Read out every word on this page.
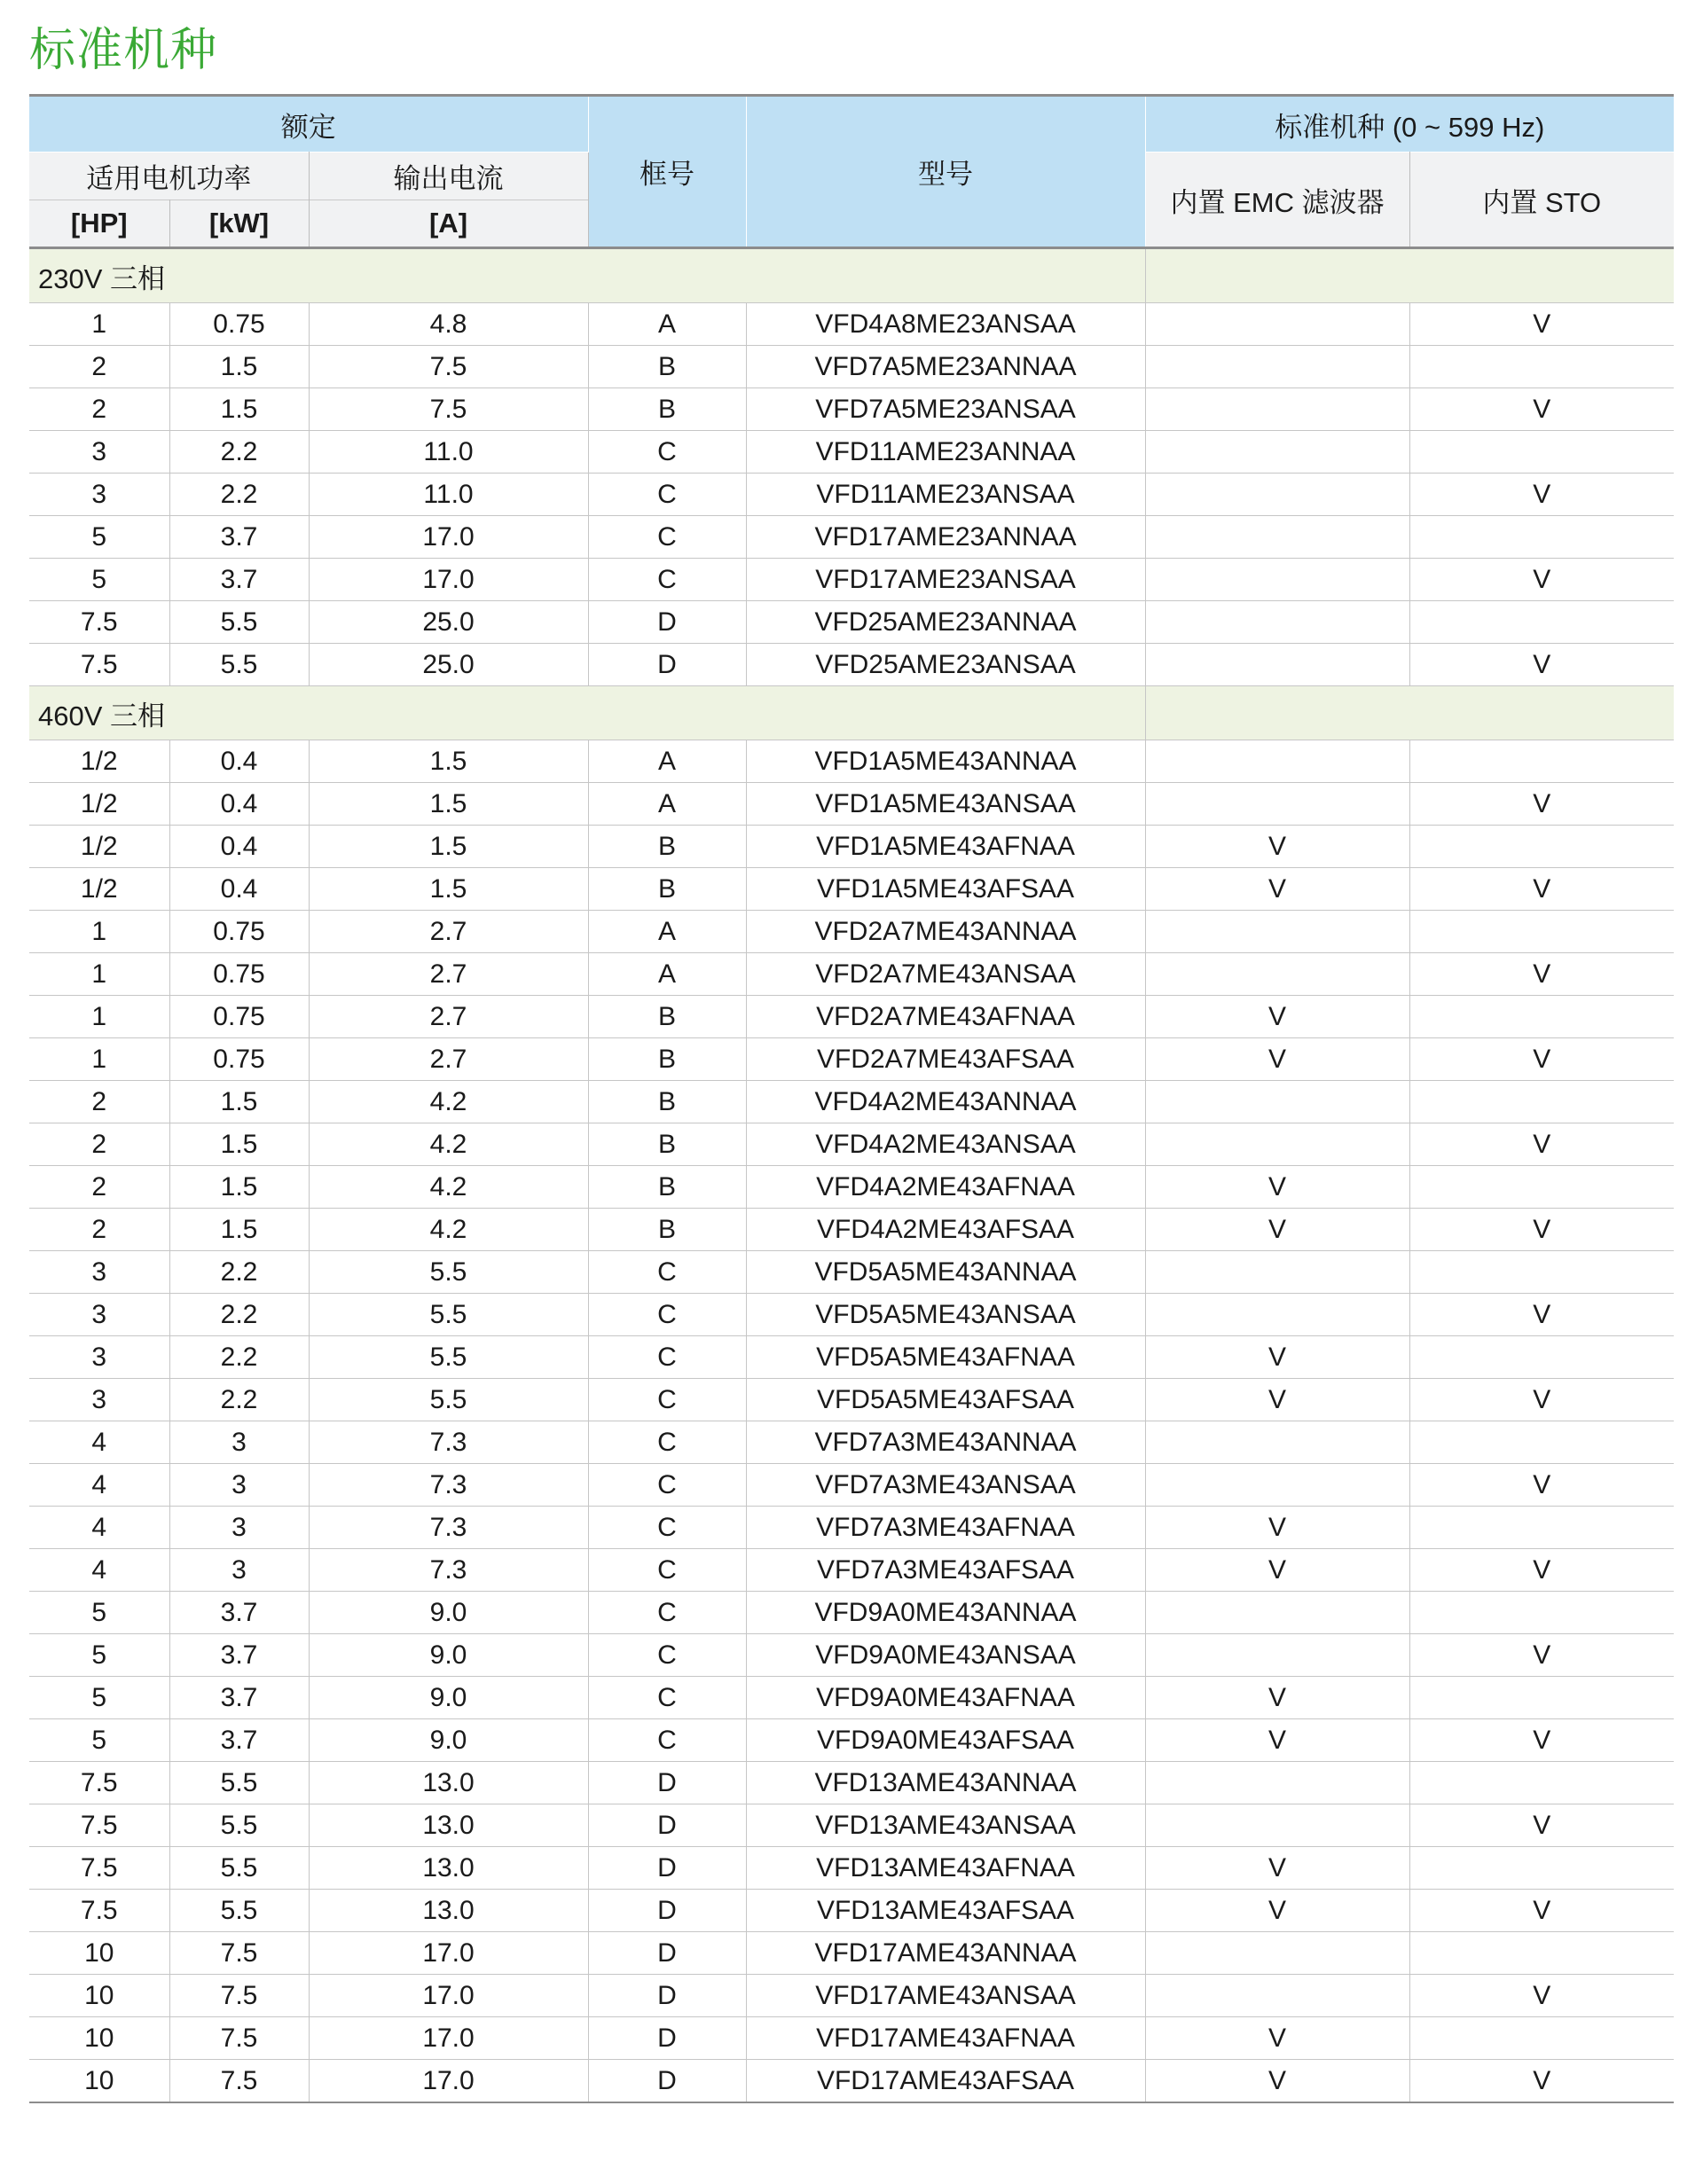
标准机种
额定			框号	型号	标准机种 (0 ~ 599 Hz)	
适用电机功率		输出电流			内置 EMC 滤波器	内置 STO
[HP]	[kW]	[A]				
230V 三相						
1	0.75	4.8	A	VFD4A8ME23ANSAA		V
2	1.5	7.5	B	VFD7A5ME23ANNAA		
2	1.5	7.5	B	VFD7A5ME23ANSAA		V
3	2.2	11.0	C	VFD11AME23ANNAA		
3	2.2	11.0	C	VFD11AME23ANSAA		V
5	3.7	17.0	C	VFD17AME23ANNAA		
5	3.7	17.0	C	VFD17AME23ANSAA		V
7.5	5.5	25.0	D	VFD25AME23ANNAA		
7.5	5.5	25.0	D	VFD25AME23ANSAA		V
460V 三相						
1/2	0.4	1.5	A	VFD1A5ME43ANNAA		
1/2	0.4	1.5	A	VFD1A5ME43ANSAA		V
1/2	0.4	1.5	B	VFD1A5ME43AFNAA	V	
1/2	0.4	1.5	B	VFD1A5ME43AFSAA	V	V
1	0.75	2.7	A	VFD2A7ME43ANNAA		
1	0.75	2.7	A	VFD2A7ME43ANSAA		V
1	0.75	2.7	B	VFD2A7ME43AFNAA	V	
1	0.75	2.7	B	VFD2A7ME43AFSAA	V	V
2	1.5	4.2	B	VFD4A2ME43ANNAA		
2	1.5	4.2	B	VFD4A2ME43ANSAA		V
2	1.5	4.2	B	VFD4A2ME43AFNAA	V	
2	1.5	4.2	B	VFD4A2ME43AFSAA	V	V
3	2.2	5.5	C	VFD5A5ME43ANNAA		
3	2.2	5.5	C	VFD5A5ME43ANSAA		V
3	2.2	5.5	C	VFD5A5ME43AFNAA	V	
3	2.2	5.5	C	VFD5A5ME43AFSAA	V	V
4	3	7.3	C	VFD7A3ME43ANNAA		
4	3	7.3	C	VFD7A3ME43ANSAA		V
4	3	7.3	C	VFD7A3ME43AFNAA	V	
4	3	7.3	C	VFD7A3ME43AFSAA	V	V
5	3.7	9.0	C	VFD9A0ME43ANNAA		
5	3.7	9.0	C	VFD9A0ME43ANSAA		V
5	3.7	9.0	C	VFD9A0ME43AFNAA	V	
5	3.7	9.0	C	VFD9A0ME43AFSAA	V	V
7.5	5.5	13.0	D	VFD13AME43ANNAA		
7.5	5.5	13.0	D	VFD13AME43ANSAA		V
7.5	5.5	13.0	D	VFD13AME43AFNAA	V	
7.5	5.5	13.0	D	VFD13AME43AFSAA	V	V
10	7.5	17.0	D	VFD17AME43ANNAA		
10	7.5	17.0	D	VFD17AME43ANSAA		V
10	7.5	17.0	D	VFD17AME43AFNAA	V	
10	7.5	17.0	D	VFD17AME43AFSAA	V	V
